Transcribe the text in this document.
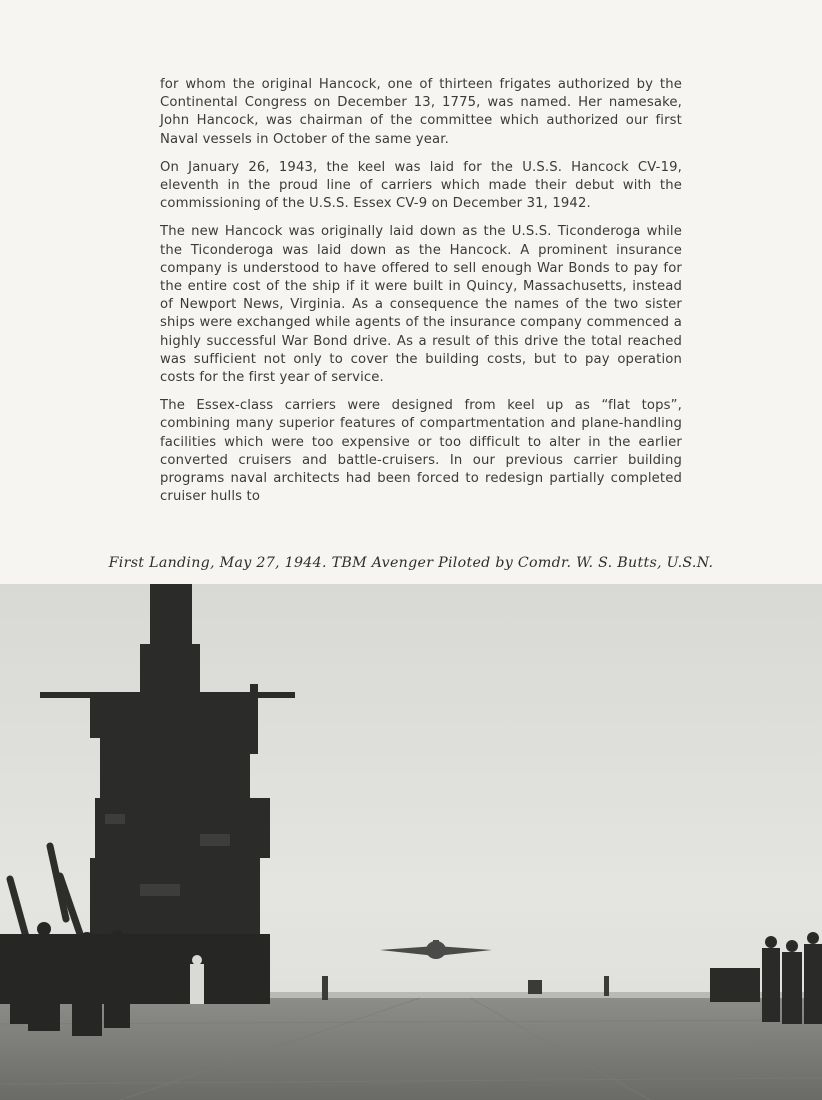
for whom the original Hancock, one of thirteen frigates authorized by the Continental Congress on December 13, 1775, was named. Her namesake, John Hancock, was chairman of the committee which authorized our first Naval vessels in October of the same year.

On January 26, 1943, the keel was laid for the U.S.S. Hancock CV-19, eleventh in the proud line of carriers which made their debut with the commissioning of the U.S.S. Essex CV-9 on December 31, 1942.

The new Hancock was originally laid down as the U.S.S. Ticonderoga while the Ticonderoga was laid down as the Hancock. A prominent insurance company is understood to have offered to sell enough War Bonds to pay for the entire cost of the ship if it were built in Quincy, Massachusetts, instead of Newport News, Virginia. As a consequence the names of the two sister ships were exchanged while agents of the insurance company commenced a highly successful War Bond drive. As a result of this drive the total reached was sufficient not only to cover the building costs, but to pay operation costs for the first year of service.

The Essex-class carriers were designed from keel up as “flat tops”, combining many superior features of compartmentation and plane-handling facilities which were too expensive or too difficult to alter in the earlier converted cruisers and battle-cruisers. In our previous carrier building programs naval architects had been forced to redesign partially completed cruiser hulls to

First Landing, May 27, 1944. TBM Avenger Piloted by Comdr. W. S. Butts, U.S.N.
